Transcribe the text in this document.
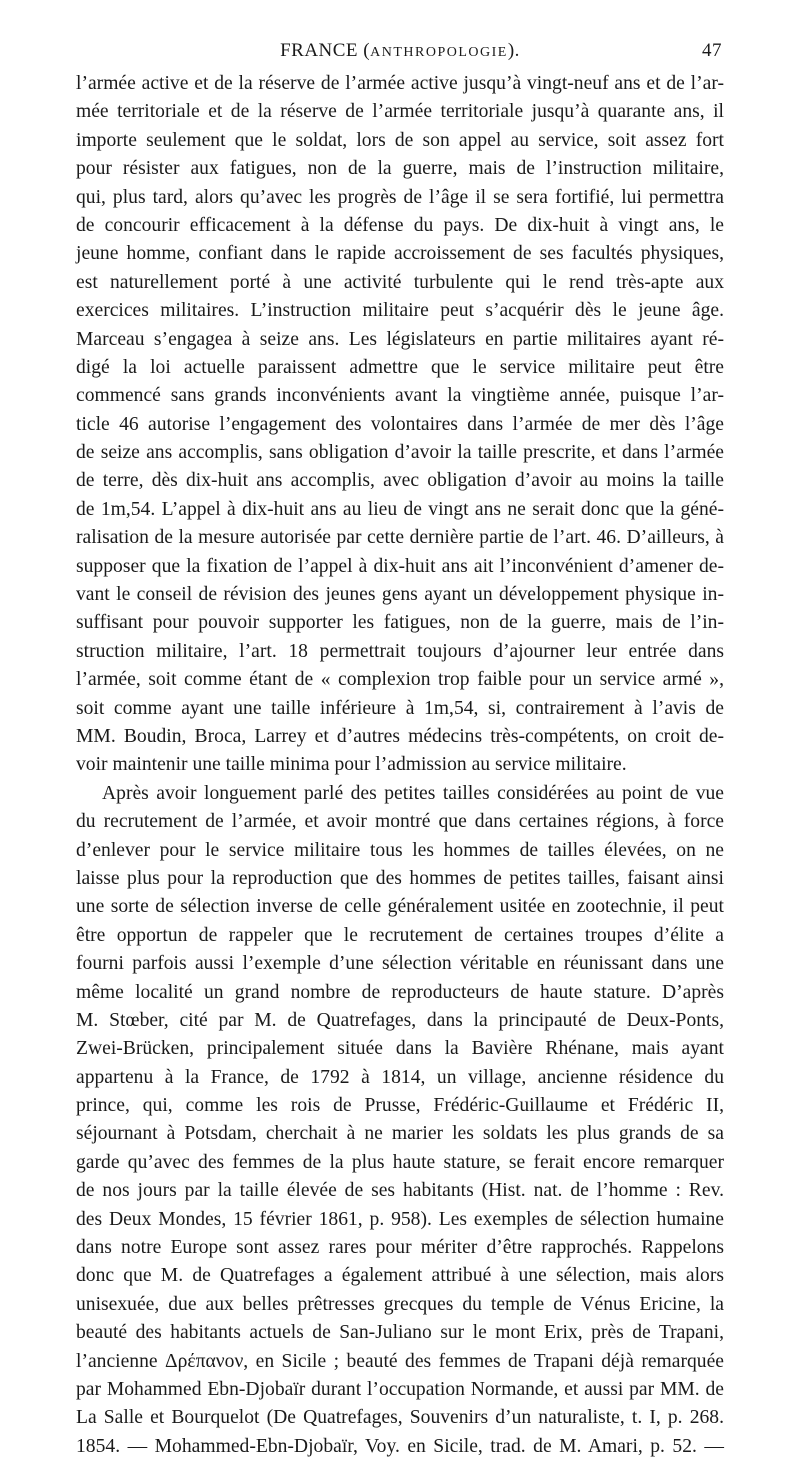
FRANCE (ANTHROPOLOGIE).	47
l’armée active et de la réserve de l’armée active jusqu’à vingt-neuf ans et de l’ar-
mée territoriale et de la réserve de l’armée territoriale jusqu’à quarante ans, il
importe seulement que le soldat, lors de son appel au service, soit assez fort
pour résister aux fatigues, non de la guerre, mais de l’instruction militaire,
qui, plus tard, alors qu’avec les progrès de l’âge il se sera fortifié, lui permettra
de concourir efficacement à la défense du pays. De dix-huit à vingt ans, le
jeune homme, confiant dans le rapide accroissement de ses facultés physiques,
est naturellement porté à une activité turbulente qui le rend très-apte aux
exercices militaires. L’instruction militaire peut s’acquérir dès le jeune âge.
Marceau s’engagea à seize ans. Les législateurs en partie militaires ayant ré-
digé la loi actuelle paraissent admettre que le service militaire peut être
commencé sans grands inconvénients avant la vingtième année, puisque l’ar-
ticle 46 autorise l’engagement des volontaires dans l’armée de mer dès l’âge
de seize ans accomplis, sans obligation d’avoir la taille prescrite, et dans l’armée
de terre, dès dix-huit ans accomplis, avec obligation d’avoir au moins la taille
de 1m,54. L’appel à dix-huit ans au lieu de vingt ans ne serait donc que la géné-
ralisation de la mesure autorisée par cette dernière partie de l’art. 46. D’ailleurs, à
supposer que la fixation de l’appel à dix-huit ans ait l’inconvénient d’amener de-
vant le conseil de révision des jeunes gens ayant un développement physique in-
suffisant pour pouvoir supporter les fatigues, non de la guerre, mais de l’in-
struction militaire, l’art. 18 permettrait toujours d’ajourner leur entrée dans
l’armée, soit comme étant de « complexion trop faible pour un service armé »,
soit comme ayant une taille inférieure à 1m,54, si, contrairement à l’avis de
MM. Boudin, Broca, Larrey et d’autres médecins très-compétents, on croit de-
voir maintenir une taille minima pour l’admission au service militaire.
Après avoir longuement parlé des petites tailles considérées au point de vue
du recrutement de l’armée, et avoir montré que dans certaines régions, à force
d’enlever pour le service militaire tous les hommes de tailles élevées, on ne
laisse plus pour la reproduction que des hommes de petites tailles, faisant ainsi
une sorte de sélection inverse de celle généralement usitée en zootechnie, il peut
être opportun de rappeler que le recrutement de certaines troupes d’élite a
fourni parfois aussi l’exemple d’une sélection véritable en réunissant dans une
même localité un grand nombre de reproducteurs de haute stature. D’après
M. Stœber, cité par M. de Quatrefages, dans la principauté de Deux-Ponts,
Zwei-Brücken, principalement située dans la Bavière Rhénane, mais ayant
appartenu à la France, de 1792 à 1814, un village, ancienne résidence du
prince, qui, comme les rois de Prusse, Frédéric-Guillaume et Frédéric II,
séjournant à Potsdam, cherchait à ne marier les soldats les plus grands de sa
garde qu’avec des femmes de la plus haute stature, se ferait encore remarquer
de nos jours par la taille élevée de ses habitants (Hist. nat. de l’homme : Rev.
des Deux Mondes, 15 février 1861, p. 958). Les exemples de sélection humaine
dans notre Europe sont assez rares pour mériter d’être rapprochés. Rappelons
donc que M. de Quatrefages a également attribué à une sélection, mais alors
unisexuée, due aux belles prêtresses grecques du temple de Vénus Ericine, la
beauté des habitants actuels de San-Juliano sur le mont Erix, près de Trapani,
l’ancienne Δρέπανον, en Sicile ; beauté des femmes de Trapani déjà remarquée
par Mohammed Ebn-Djobaïr durant l’occupation Normande, et aussi par MM. de
La Salle et Bourquelot (De Quatrefages, Souvenirs d’un naturaliste, t. I, p. 268.
1854. — Mohammed-Ebn-Djobaïr, Voy. en Sicile, trad. de M. Amari, p. 52. —
